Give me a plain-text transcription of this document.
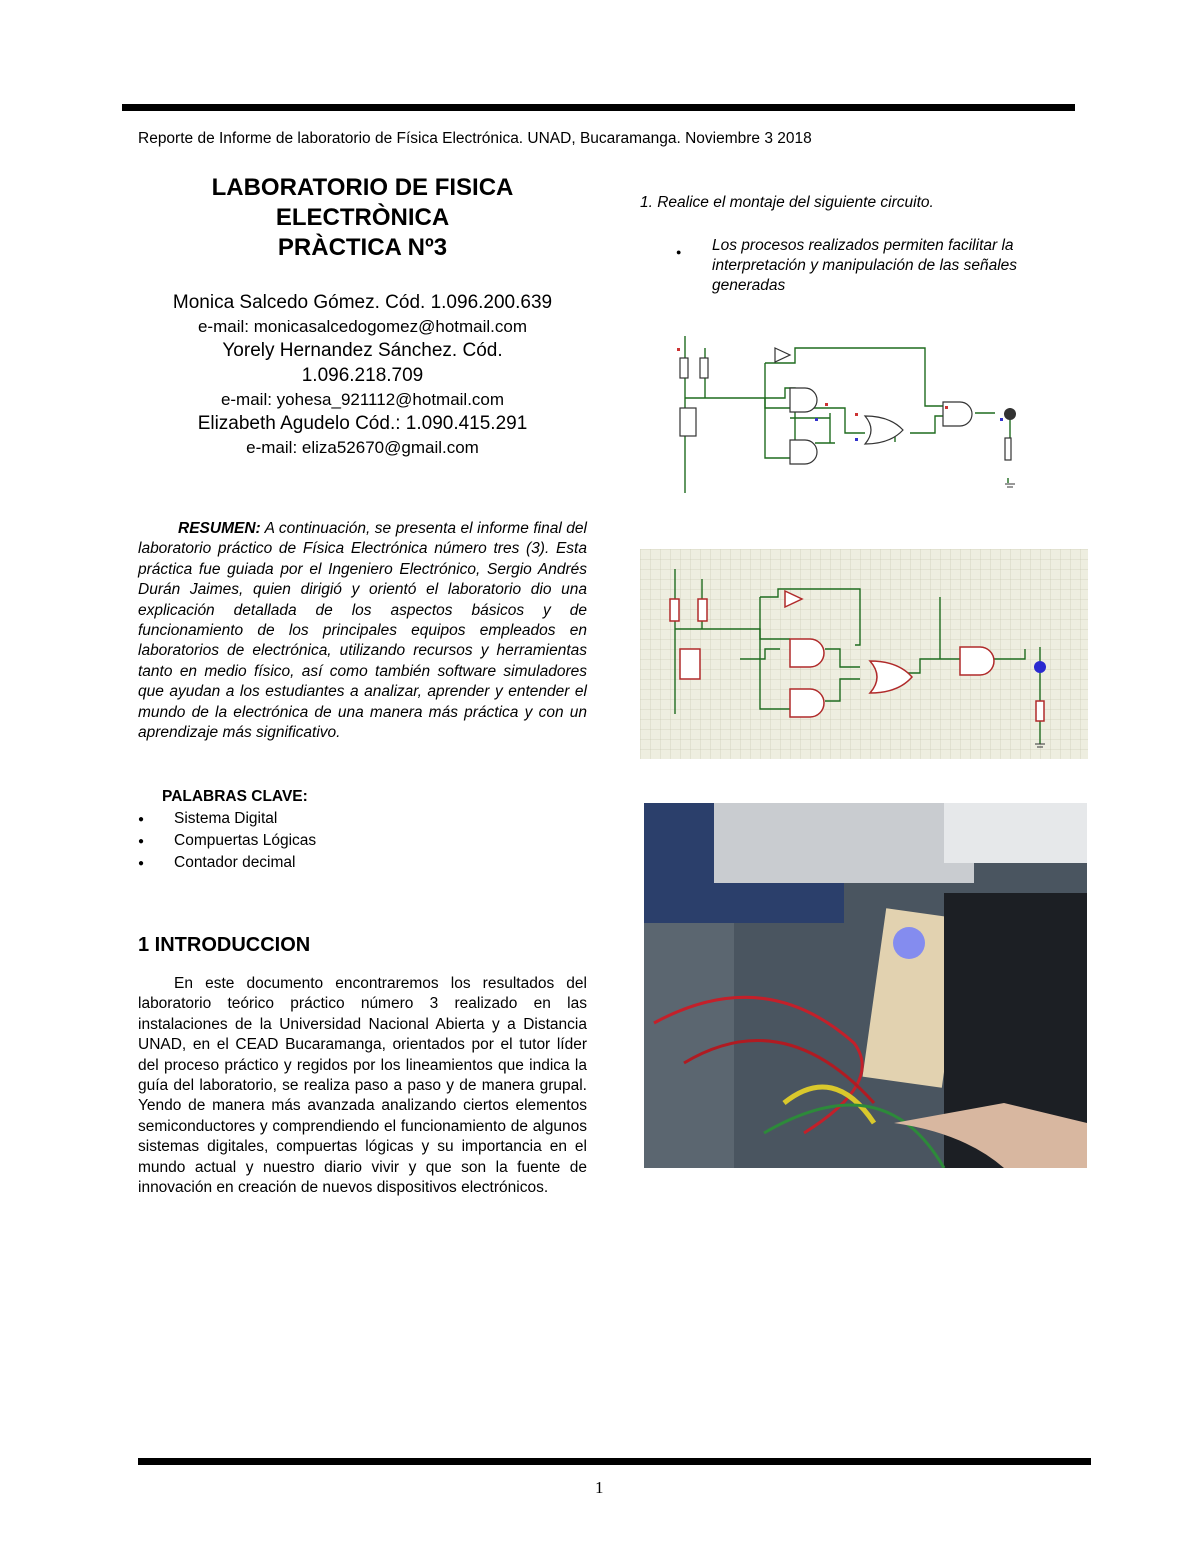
Reporte de Informe de laboratorio de Física Electrónica. UNAD, Bucaramanga. Noviembre 3 2018
LABORATORIO DE FISICA
ELECTRÒNICA
PRÀCTICA Nº3
Monica Salcedo Gómez. Cód. 1.096.200.639
e-mail: monicasalcedogomez@hotmail.com
Yorely Hernandez Sánchez. Cód.
1.096.218.709
e-mail: yohesa_921112@hotmail.com
Elizabeth Agudelo Cód.: 1.090.415.291
e-mail: eliza52670@gmail.com
RESUMEN: A continuación, se presenta el informe final del laboratorio práctico de Física Electrónica número tres (3). Esta práctica fue guiada por el Ingeniero Electrónico, Sergio Andrés Durán Jaimes, quien dirigió y orientó el laboratorio dio una explicación detallada de los aspectos básicos y de funcionamiento de los principales equipos empleados en laboratorios de electrónica, utilizando recursos y herramientas tanto en medio físico, así como también software simuladores que ayudan a los estudiantes a analizar, aprender y entender el mundo de la electrónica de una manera más práctica y con un aprendizaje más significativo.
PALABRAS CLAVE:
● Sistema Digital
● Compuertas Lógicas
● Contador decimal
1 INTRODUCCION
En este documento encontraremos los resultados del laboratorio teórico práctico número 3 realizado en las instalaciones de la Universidad Nacional Abierta y a Distancia UNAD, en el CEAD Bucaramanga, orientados por el tutor líder del proceso práctico y regidos por los lineamientos que indica la guía del laboratorio, se realiza paso a paso y de manera grupal. Yendo de manera más avanzada analizando ciertos elementos semiconductores y comprendiendo el funcionamiento de algunos sistemas digitales, compuertas lógicas y su importancia en el mundo actual y nuestro diario vivir y que son la fuente de innovación en creación de nuevos dispositivos electrónicos.
1. Realice el montaje del siguiente circuito.
●	Los procesos realizados permiten facilitar la interpretación y manipulación de las señales generadas
1
